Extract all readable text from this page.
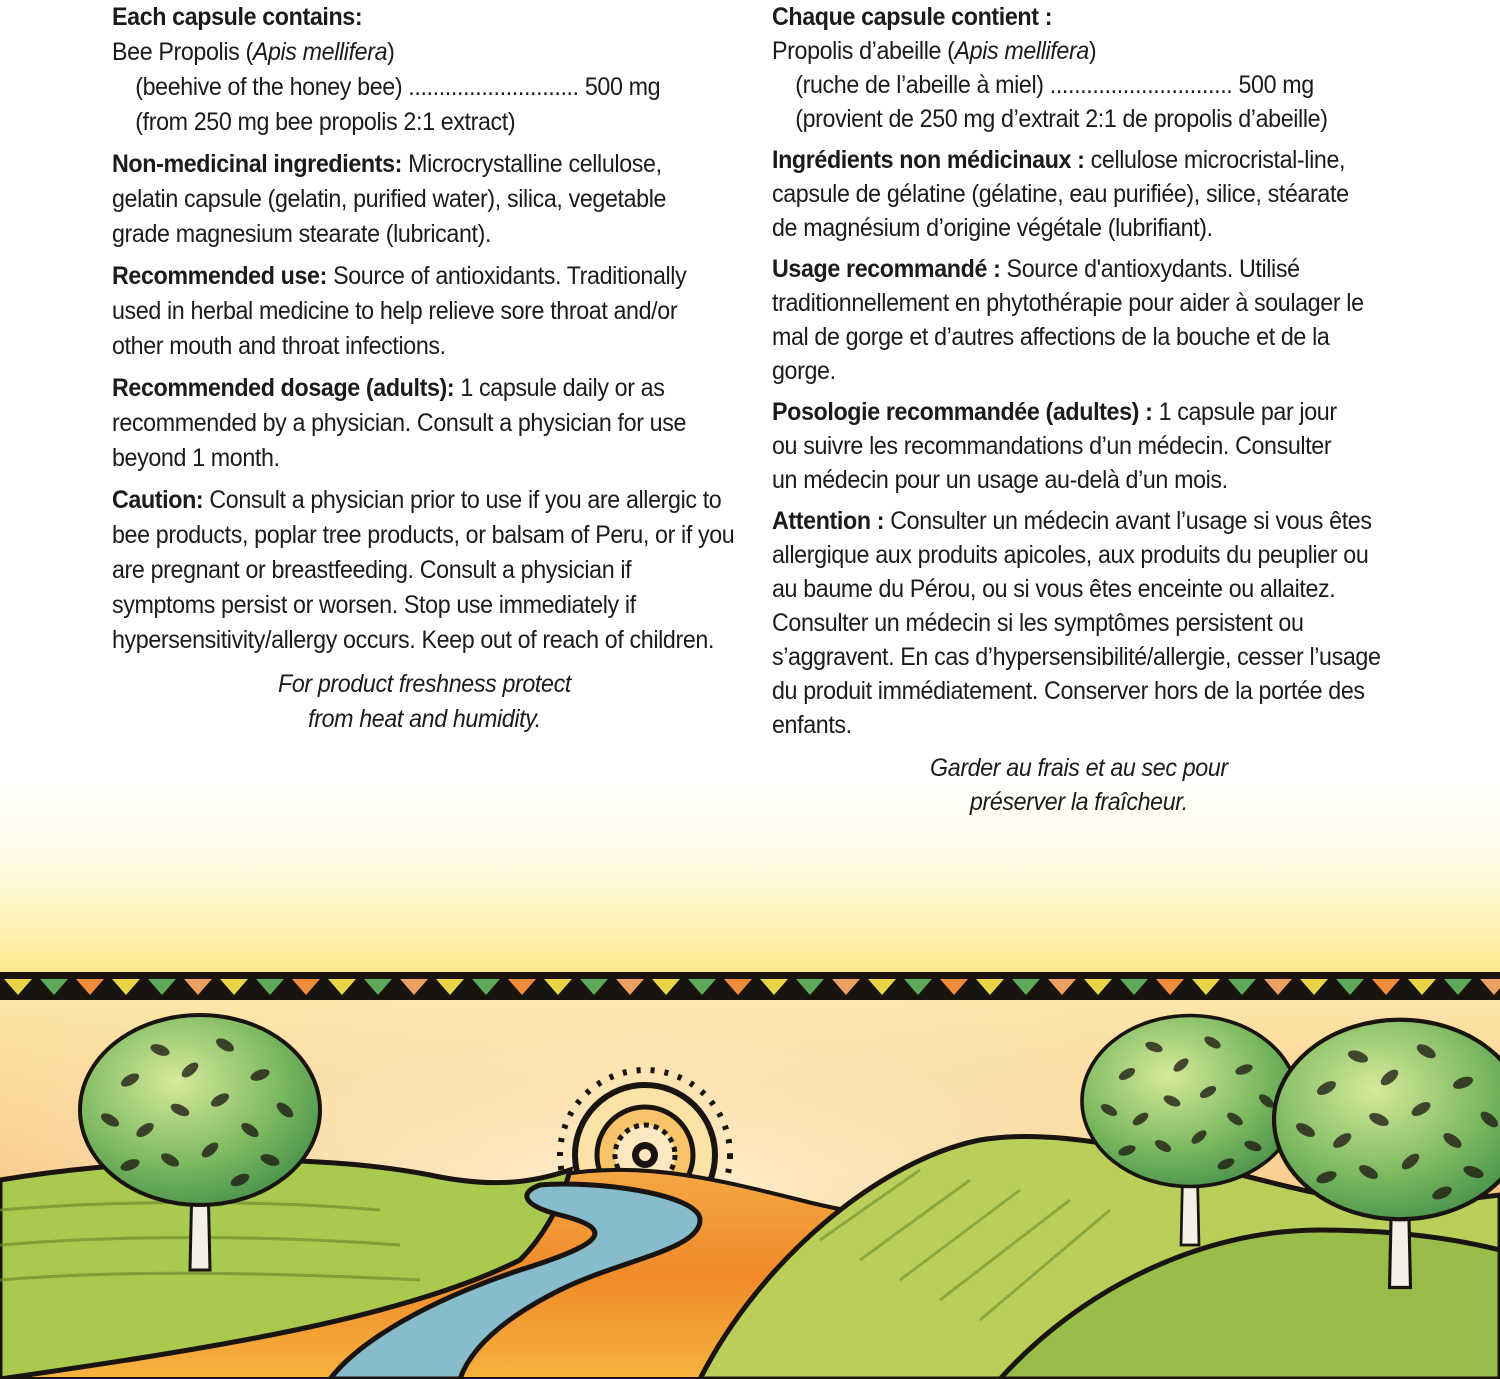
Each capsule contains:

Bee Propolis (Apis mellifera)

(beehive of the honey bee) ............................ 500 mg

(from 250 mg bee propolis 2:1 extract)

Non-medicinal ingredients: Microcrystalline cellulose, gelatin capsule (gelatin, purified water), silica, vegetable grade magnesium stearate (lubricant).

Recommended use: Source of antioxidants. Traditionally used in herbal medicine to help relieve sore throat and/or other mouth and throat infections.

Recommended dosage (adults): 1 capsule daily or as recommended by a physician. Consult a physician for use beyond 1 month.

Caution: Consult a physician prior to use if you are allergic to bee products, poplar tree products, or balsam of Peru, or if you are pregnant or breastfeeding. Consult a physician if symptoms persist or worsen. Stop use immediately if hypersensitivity/allergy occurs. Keep out of reach of children.

For product freshness protect

from heat and humidity.

Chaque capsule contient :

Propolis d’abeille (Apis mellifera)

(ruche de l’abeille à miel) .............................. 500 mg

(provient de 250 mg d’extrait 2:1 de propolis d’abeille)

Ingrédients non médicinaux : cellulose microcristal-line, capsule de gélatine (gélatine, eau purifiée), silice, stéarate de magnésium d’origine végétale (lubrifiant).

Usage recommandé : Source d'antioxydants. Utilisé traditionnellement en phytothérapie pour aider à soulager le mal de gorge et d’autres affections de la bouche et de la gorge.

Posologie recommandée (adultes) : 1 capsule par jour ou suivre les recommandations d’un médecin. Consulter un médecin pour un usage au-delà d’un mois.

Attention : Consulter un médecin avant l’usage si vous êtes allergique aux produits apicoles, aux produits du peuplier ou au baume du Pérou, ou si vous êtes enceinte ou allaitez. Consulter un médecin si les symptômes persistent ou s’aggravent. En cas d’hypersensibilité/allergie, cesser l’usage du produit immédiatement. Conserver hors de la portée des enfants.

Garder au frais et au sec pour

préserver la fraîcheur.
